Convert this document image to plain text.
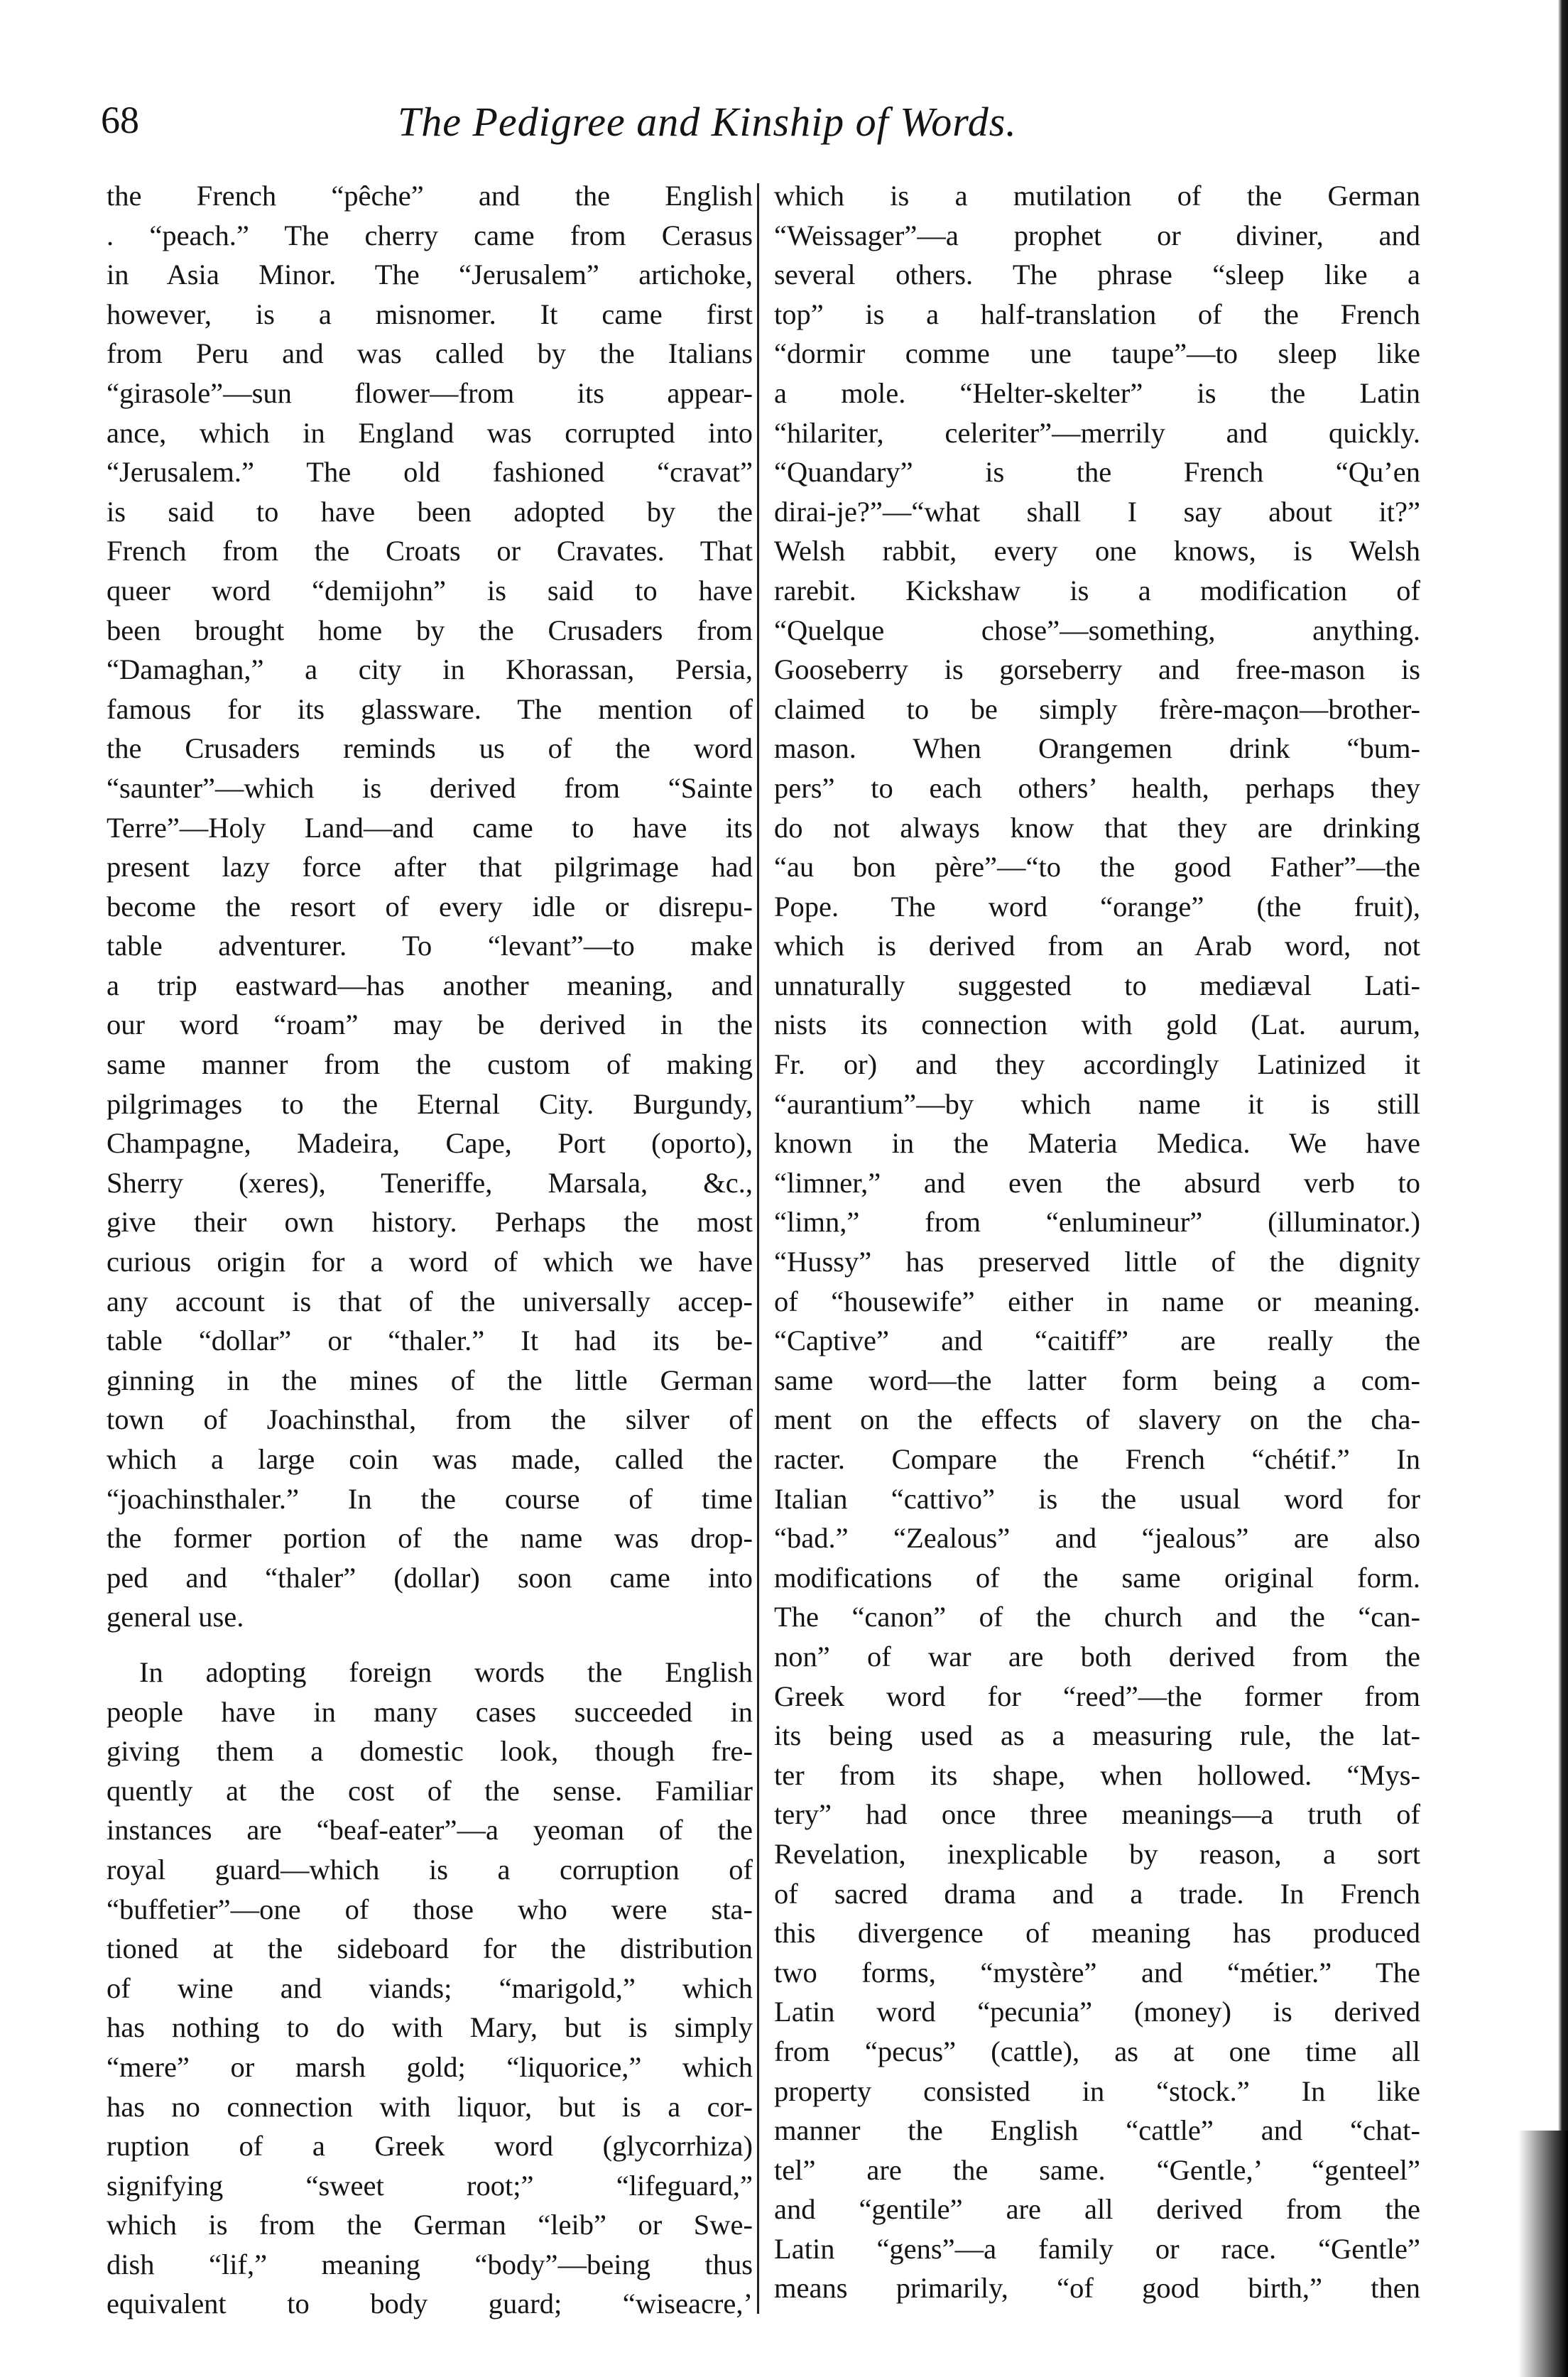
68	The Pedigree and Kinship of Words.
the French “pêche” and the English
. “peach.” The cherry came from Cerasus
in Asia Minor. The “Jerusalem” artichoke,
however, is a misnomer. It came first
from Peru and was called by the Italians
“girasole”—sun flower—from its appear-
ance, which in England was corrupted into
“Jerusalem.” The old fashioned “cravat”
is said to have been adopted by the
French from the Croats or Cravates. That
queer word “demijohn” is said to have
been brought home by the Crusaders from
“Damaghan,” a city in Khorassan, Persia,
famous for its glassware. The mention of
the Crusaders reminds us of the word
“saunter”—which is derived from “Sainte
Terre”—Holy Land—and came to have its
present lazy force after that pilgrimage had
become the resort of every idle or disrepu-
table adventurer. To “levant”—to make
a trip eastward—has another meaning, and
our word “roam” may be derived in the
same manner from the custom of making
pilgrimages to the Eternal City. Burgundy,
Champagne, Madeira, Cape, Port (oporto),
Sherry (xeres), Teneriffe, Marsala, &c.,
give their own history. Perhaps the most
curious origin for a word of which we have
any account is that of the universally accep-
table “dollar” or “thaler.” It had its be-
ginning in the mines of the little German
town of Joachinsthal, from the silver of
which a large coin was made, called the
“joachinsthaler.” In the course of time
the former portion of the name was drop-
ped and “thaler” (dollar) soon came into
general use.
In adopting foreign words the English
people have in many cases succeeded in
giving them a domestic look, though fre-
quently at the cost of the sense. Familiar
instances are “beaf-eater”—a yeoman of the
royal guard—which is a corruption of
“buffetier”—one of those who were sta-
tioned at the sideboard for the distribution
of wine and viands; “marigold,” which
has nothing to do with Mary, but is simply
“mere” or marsh gold; “liquorice,” which
has no connection with liquor, but is a cor-
ruption of a Greek word (glycorrhiza)
signifying “sweet root;” “lifeguard,”
which is from the German “leib” or Swe-
dish “lif,” meaning “body”—being thus
equivalent to body guard; “wiseacre,’
which is a mutilation of the German
“Weissager”—a prophet or diviner, and
several others. The phrase “sleep like a
top” is a half-translation of the French
“dormir comme une taupe”—to sleep like
a mole. “Helter-skelter” is the Latin
“hilariter, celeriter”—merrily and quickly.
“Quandary” is the French “Qu’en
dirai-je?”—“what shall I say about it?”
Welsh rabbit, every one knows, is Welsh
rarebit. Kickshaw is a modification of
“Quelque chose”—something, anything.
Gooseberry is gorseberry and free-mason is
claimed to be simply frère-maçon—brother-
mason. When Orangemen drink “bum-
pers” to each others’ health, perhaps they
do not always know that they are drinking
“au bon père”—“to the good Father”—the
Pope. The word “orange” (the fruit),
which is derived from an Arab word, not
unnaturally suggested to mediæval Lati-
nists its connection with gold (Lat. aurum,
Fr. or) and they accordingly Latinized it
“aurantium”—by which name it is still
known in the Materia Medica. We have
“limner,” and even the absurd verb to
“limn,” from “enlumineur” (illuminator.)
“Hussy” has preserved little of the dignity
of “housewife” either in name or meaning.
“Captive” and “caitiff” are really the
same word—the latter form being a com-
ment on the effects of slavery on the cha-
racter. Compare the French “chétif.” In
Italian “cattivo” is the usual word for
“bad.” “Zealous” and “jealous” are also
modifications of the same original form.
The “canon” of the church and the “can-
non” of war are both derived from the
Greek word for “reed”—the former from
its being used as a measuring rule, the lat-
ter from its shape, when hollowed. “Mys-
tery” had once three meanings—a truth of
Revelation, inexplicable by reason, a sort
of sacred drama and a trade. In French
this divergence of meaning has produced
two forms, “mystère” and “métier.” The
Latin word “pecunia” (money) is derived
from “pecus” (cattle), as at one time all
property consisted in “stock.” In like
manner the English “cattle” and “chat-
tel” are the same. “Gentle,’ “genteel”
and “gentile” are all derived from the
Latin “gens”—a family or race. “Gentle”
means primarily, “of good birth,” then
